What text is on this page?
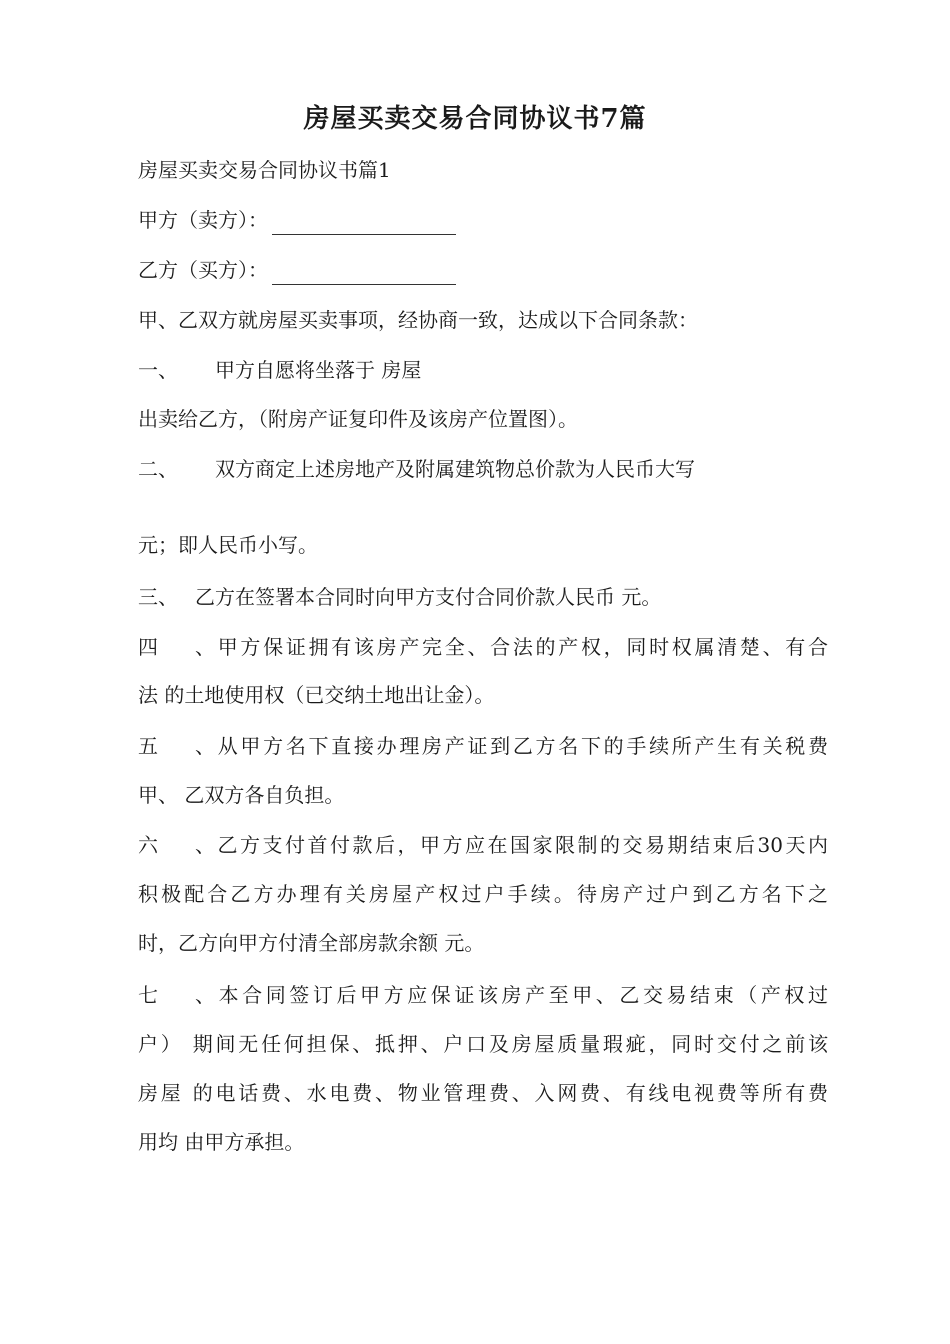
房屋买卖交易合同协议书7篇

房屋买卖交易合同协议书篇1

甲方（卖方）：

乙方（买方）：

甲、乙双方就房屋买卖事项，经协商一致，达成以下合同条款：

一、 甲方自愿将坐落于 房屋

出卖给乙方，（附房产证复印件及该房产位置图）。

二、 双方商定上述房地产及附属建筑物总价款为人民币大写

元；即人民币小写。

三、 乙方在签署本合同时向甲方支付合同价款人民币 元。

四、甲方保证拥有该房产完全、合法的产权，同时权属清楚、有合

法 的土地使用权（已交纳土地出让金）。

五、从甲方名下直接办理房产证到乙方名下的手续所产生有关税费

甲、 乙双方各自负担。

六、乙方支付首付款后，甲方应在国家限制的交易期结束后30天内

积极配合乙方办理有关房屋产权过户手续。待房产过户到乙方名下之

时，乙方向甲方付清全部房款余额 元。

七、本合同签订后甲方应保证该房产至甲、乙交易结束（产权过

户） 期间无任何担保、抵押、户口及房屋质量瑕疵，同时交付之前该

房屋 的电话费、水电费、物业管理费、入网费、有线电视费等所有费

用均 由甲方承担。
